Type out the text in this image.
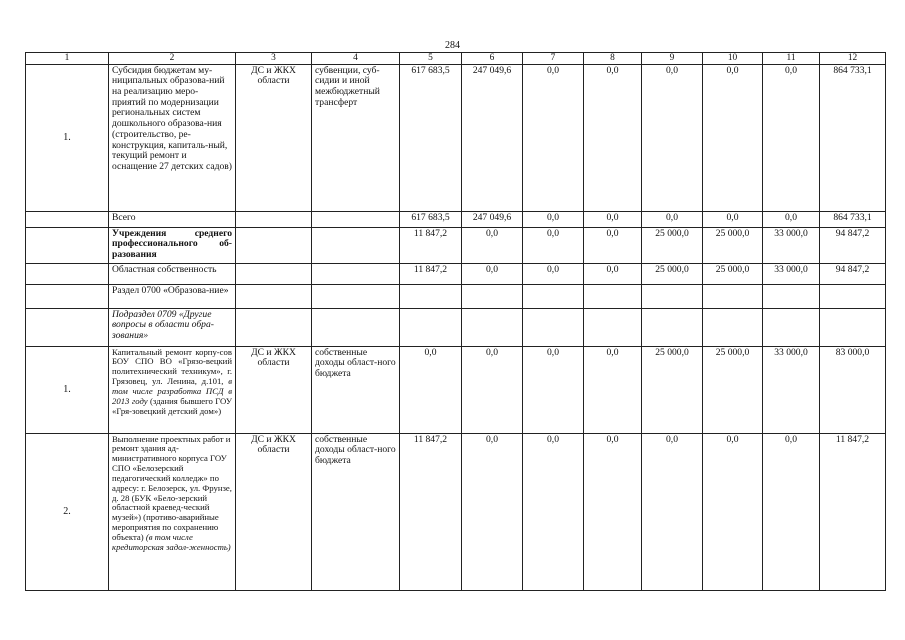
284
1	2	3	4	5	6	7	8	9	10	11	12
1.	Субсидия бюджетам му-ниципальных образова-ний на реализацию меро-приятий по модернизации региональных систем дошкольного образова-ния (строительство, ре-конструкция, капиталь-ный, текущий ремонт и оснащение 27 детских садов)	ДС и ЖКХ области	субвенции, суб-сидии и иной межбюджетный трансферт	617 683,5	247 049,6	0,0	0,0	0,0	0,0	0,0	864 733,1
	Всего			617 683,5	247 049,6	0,0	0,0	0,0	0,0	0,0	864 733,1
	Учреждения среднего профессионального об-разования			11 847,2	0,0	0,0	0,0	25 000,0	25 000,0	33 000,0	94 847,2
	Областная собственность			11 847,2	0,0	0,0	0,0	25 000,0	25 000,0	33 000,0	94 847,2
	Раздел 0700 «Образова-ние»										
	Подраздел 0709 «Другие вопросы в области обра-зования»										
1.	Капитальный ремонт корпу-сов БОУ СПО ВО «Грязо-вецкий политехнический техникум», г. Грязовец, ул. Ленина, д.101, в том числе разработка ПСД в 2013 году (здания бывшего ГОУ «Гря-зовецкий детский дом»)	ДС и ЖКХ области	собственные доходы област-ного бюджета	0,0	0,0	0,0	0,0	25 000,0	25 000,0	33 000,0	83 000,0
2.	Выполнение проектных работ и ремонт здания ад-министративного корпуса ГОУ СПО «Белозерский педагогический колледж» по адресу: г. Белозерск, ул. Фрунзе, д. 28 (БУК «Бело-зерский областной краевед-ческий музей») (противо-аварийные мероприятия по сохранению объекта) (в том числе кредиторская задол-женность)	ДС и ЖКХ области	собственные доходы област-ного бюджета	11 847,2	0,0	0,0	0,0	0,0	0,0	0,0	11 847,2
